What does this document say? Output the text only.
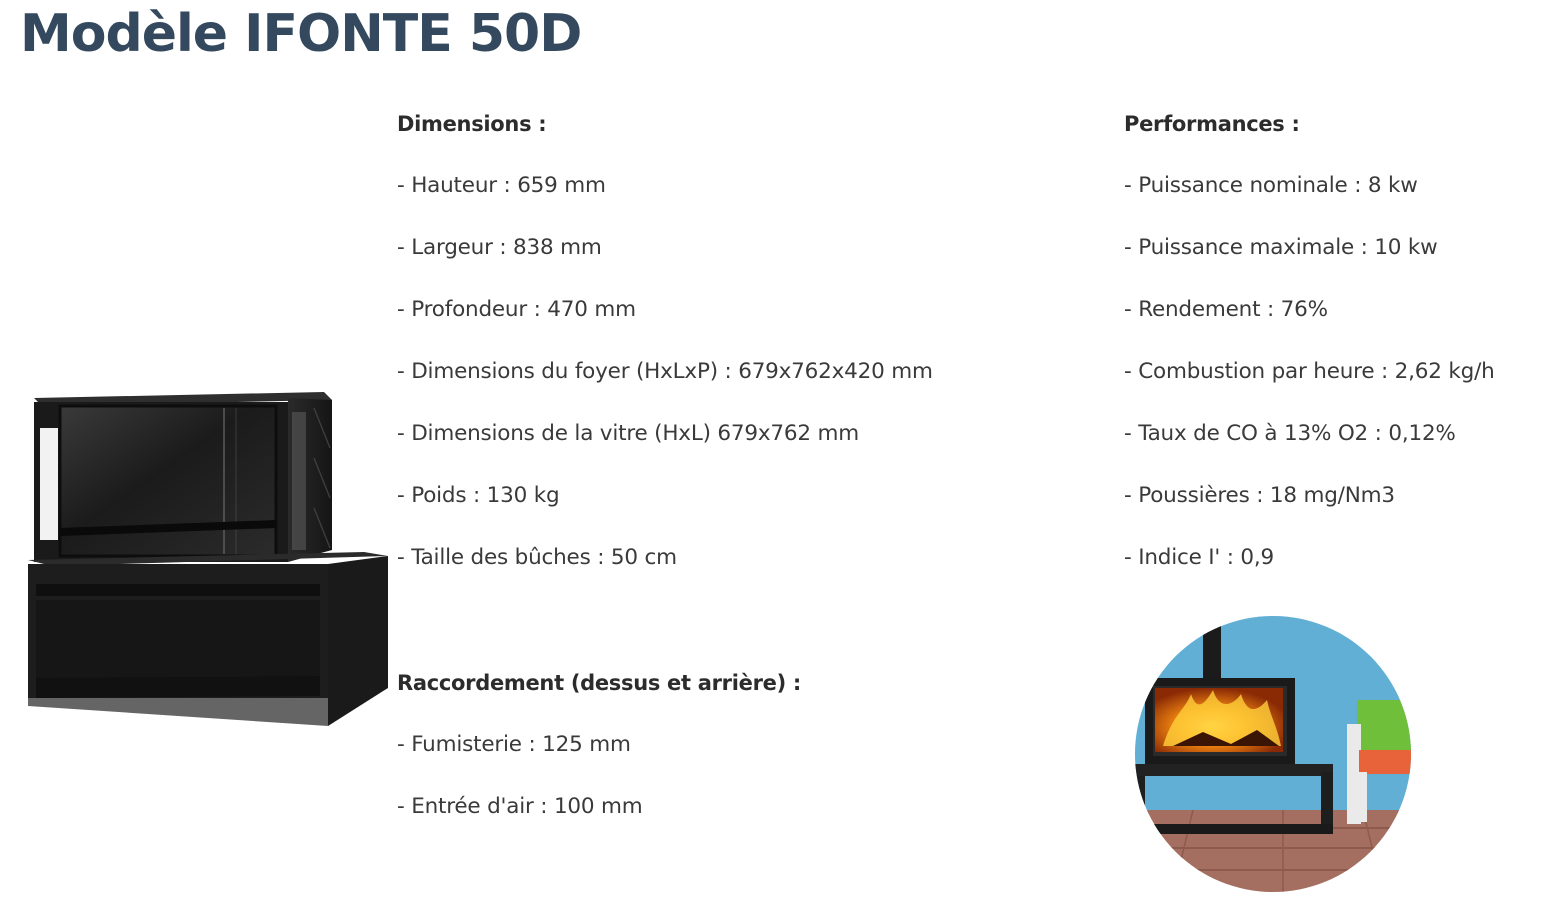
Modèle IFONTE 50D
Dimensions :
- Hauteur : 659 mm
- Largeur : 838 mm
- Profondeur : 470 mm
- Dimensions du foyer (HxLxP) : 679x762x420 mm
- Dimensions de la vitre (HxL) 679x762 mm
- Poids : 130 kg
- Taille des bûches : 50 cm
Raccordement (dessus et arrière) :
- Fumisterie : 125 mm
- Entrée d'air : 100 mm
Performances :
- Puissance nominale : 8 kw
- Puissance maximale : 10 kw
- Rendement : 76%
- Combustion par heure : 2,62 kg/h
- Taux de CO à 13% O2 : 0,12%
- Poussières : 18 mg/Nm3
- Indice I' : 0,9
